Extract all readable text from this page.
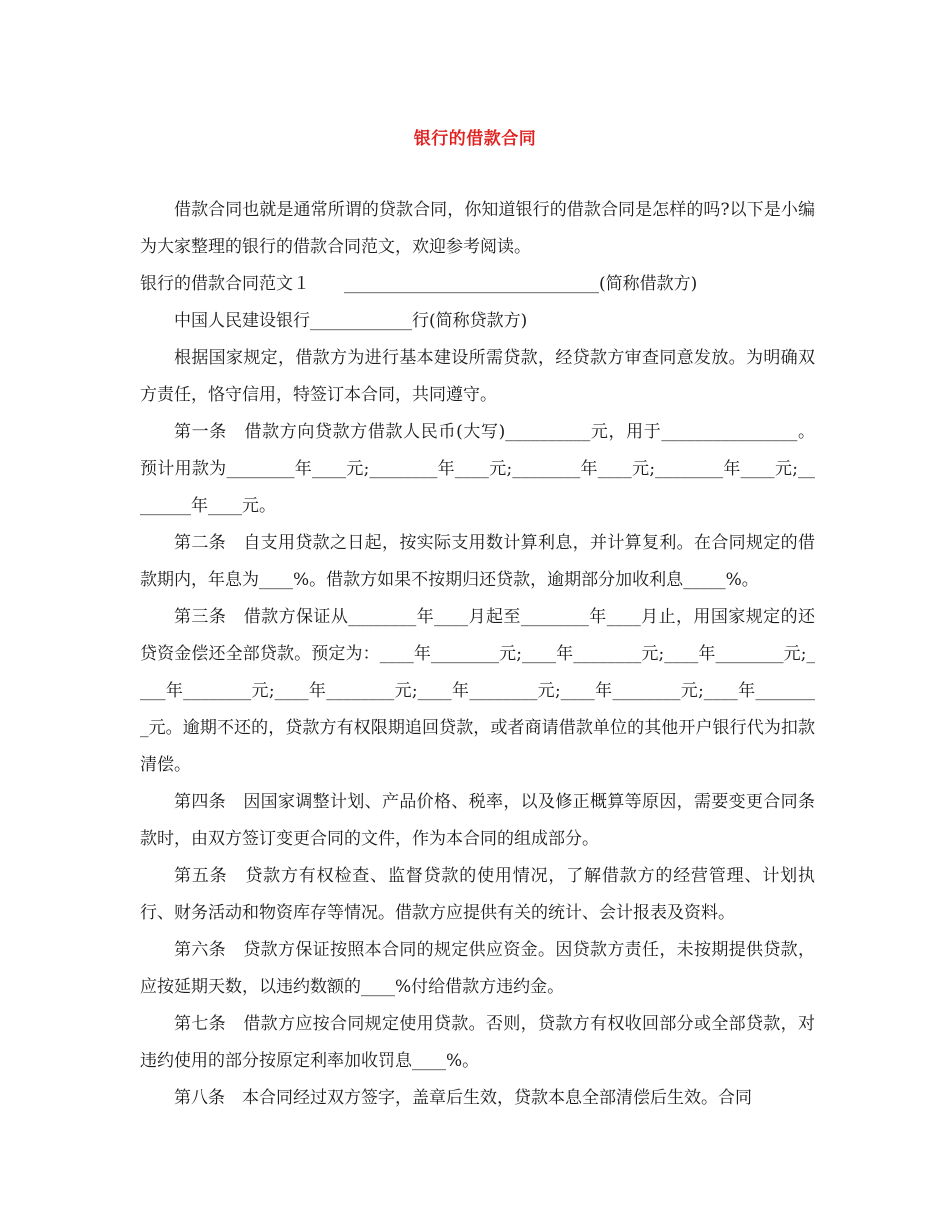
银行的借款合同

借款合同也就是通常所谓的贷款合同，你知道银行的借款合同是怎样的吗?以下是小编为大家整理的银行的借款合同范文，欢迎参考阅读。

银行的借款合同范文１　　______________________________(简称借款方)

中国人民建设银行____________行(简称贷款方)

根据国家规定，借款方为进行基本建设所需贷款，经贷款方审查同意发放。为明确双方责任，恪守信用，特签订本合同，共同遵守。

第一条　借款方向贷款方借款人民币(大写)__________元，用于________________。预计用款为________年____元;________年____元;________年____元;________年____元;________年____元。

第二条　自支用贷款之日起，按实际支用数计算利息，并计算复利。在合同规定的借款期内，年息为____%。借款方如果不按期归还贷款，逾期部分加收利息_____%。

第三条　借款方保证从________年____月起至________年____月止，用国家规定的还贷资金偿还全部贷款。预定为：____年________元;____年________元;____年________元;____年________元;____年________元;____年________元;____年________元;____年________元。逾期不还的，贷款方有权限期追回贷款，或者商请借款单位的其他开户银行代为扣款清偿。

第四条　因国家调整计划、产品价格、税率，以及修正概算等原因，需要变更合同条款时，由双方签订变更合同的文件，作为本合同的组成部分。

第五条　贷款方有权检查、监督贷款的使用情况，了解借款方的经营管理、计划执行、财务活动和物资库存等情况。借款方应提供有关的统计、会计报表及资料。

第六条　贷款方保证按照本合同的规定供应资金。因贷款方责任，未按期提供贷款，应按延期天数，以违约数额的____%付给借款方违约金。

第七条　借款方应按合同规定使用贷款。否则，贷款方有权收回部分或全部贷款，对违约使用的部分按原定利率加收罚息____%。

第八条　本合同经过双方签字，盖章后生效，贷款本息全部清偿后生效。合同
